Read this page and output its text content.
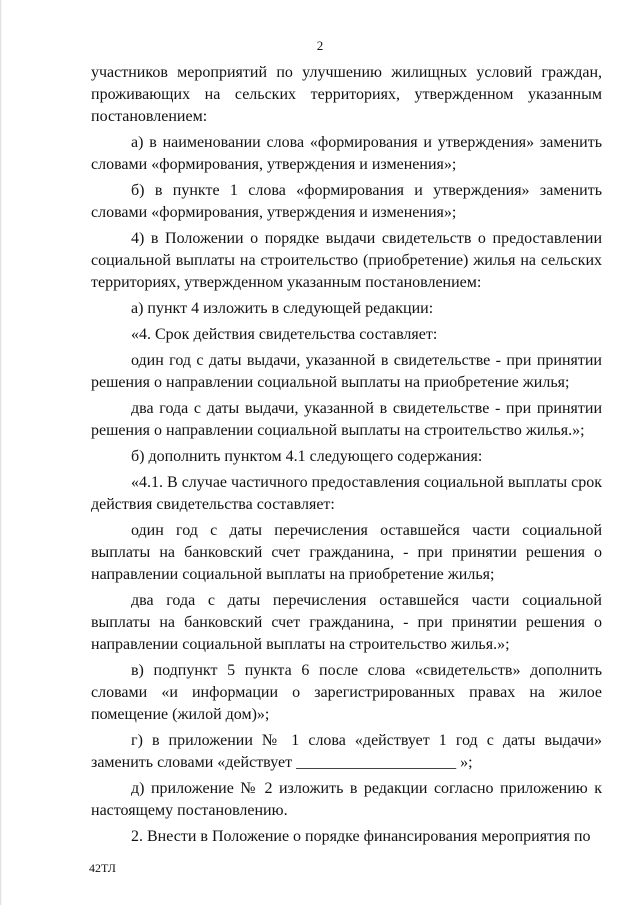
2

участников мероприятий по улучшению жилищных условий граждан, проживающих на сельских территориях, утвержденном указанным постановлением:

а) в наименовании слова «формирования и утверждения» заменить словами «формирования, утверждения и изменения»;

б) в пункте 1 слова «формирования и утверждения» заменить словами «формирования, утверждения и изменения»;

4) в Положении о порядке выдачи свидетельств о предоставлении социальной выплаты на строительство (приобретение) жилья на сельских территориях, утвержденном указанным постановлением:

а) пункт 4 изложить в следующей редакции:

«4. Срок действия свидетельства составляет:

один год с даты выдачи, указанной в свидетельстве - при принятии решения о направлении социальной выплаты на приобретение жилья;

два года с даты выдачи, указанной в свидетельстве - при принятии решения о направлении социальной выплаты на строительство жилья.»;

б) дополнить пунктом 4.1 следующего содержания:

«4.1. В случае частичного предоставления социальной выплаты срок действия свидетельства составляет:

один год с даты перечисления оставшейся части социальной выплаты на банковский счет гражданина, - при принятии решения о направлении социальной выплаты на приобретение жилья;

два года с даты перечисления оставшейся части социальной выплаты на банковский счет гражданина, - при принятии решения о направлении социальной выплаты на строительство жилья.»;

в) подпункт 5 пункта 6 после слова «свидетельств» дополнить словами «и информации о зарегистрированных правах на жилое помещение (жилой дом)»;

г) в приложении № 1 слова «действует 1 год с даты выдачи» заменить словами «действует ____________________ »;

д) приложение № 2 изложить в редакции согласно приложению к настоящему постановлению.

2. Внести в Положение о порядке финансирования мероприятия по

42ТЛ
